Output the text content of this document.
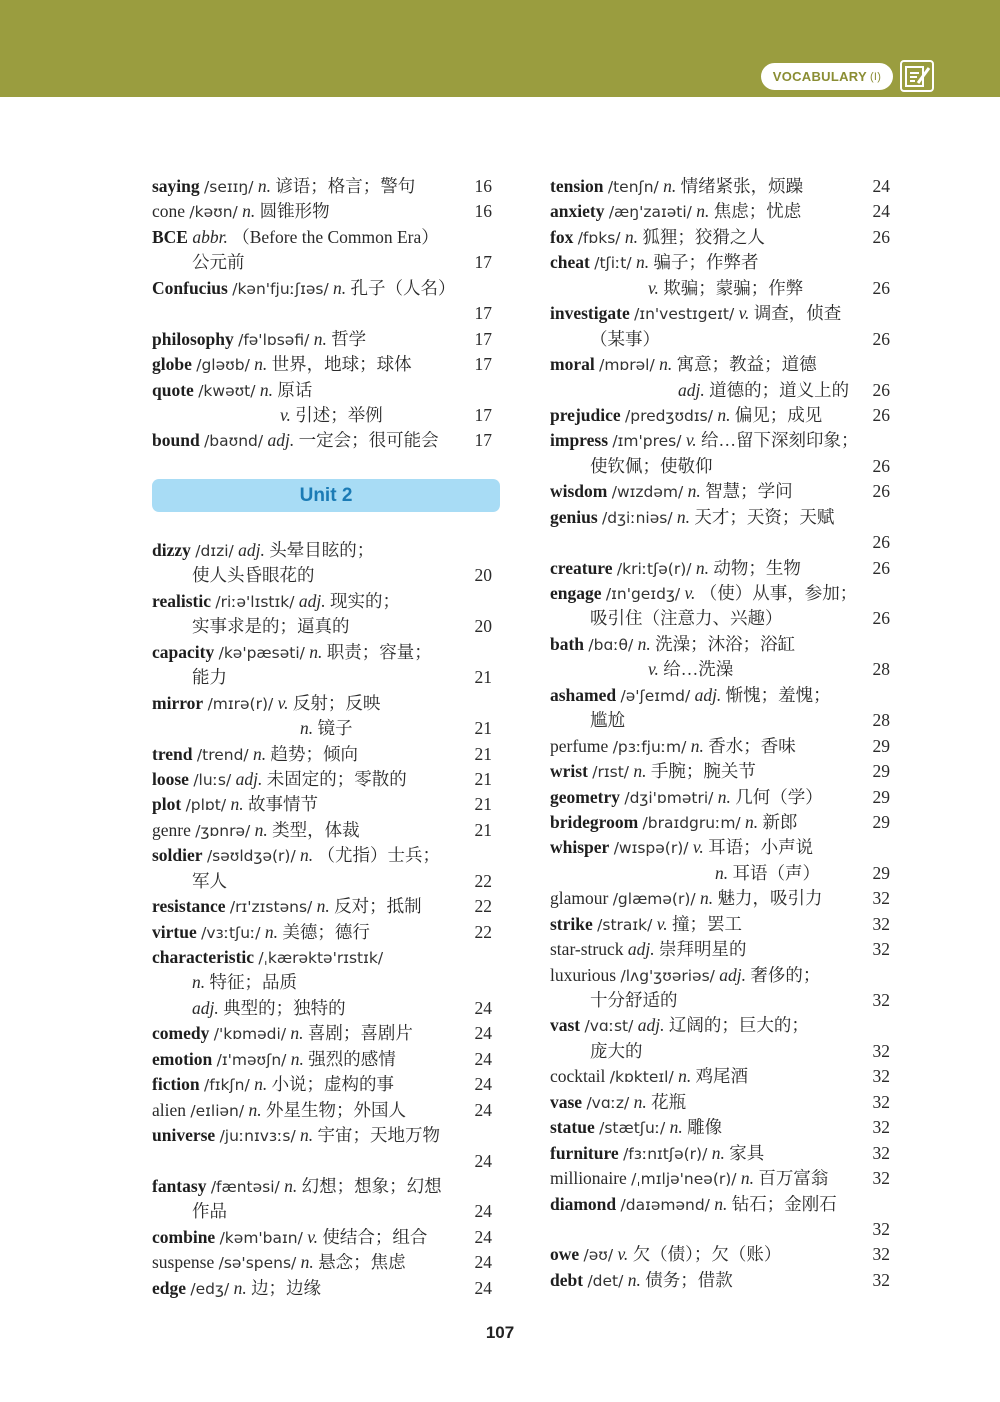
VOCABULARY (I)
saying /seɪɪŋ/ n. 谚语；格言；警句	16
cone /kəʊn/ n. 圆锥形物	16
BCE abbr. （Before the Common Era）
公元前	17
Confucius /kən'fjuːʃɪəs/ n. 孔子（人名）
17
philosophy /fə'lɒsəfi/ n. 哲学	17
globe /gləʊb/ n. 世界，地球；球体	17
quote /kwəʊt/ n. 原话
v. 引述；举例	17
bound /baʊnd/ adj. 一定会；很可能会 17
Unit 2
dizzy /dɪzi/ adj. 头晕目眩的；
使人头昏眼花的	20
realistic /riːə'lɪstɪk/ adj. 现实的；
实事求是的；逼真的	20
capacity /kə'pæsəti/ n. 职责；容量；
能力	21
mirror /mɪrə(r)/ v. 反射；反映
n. 镜子	21
trend /trend/ n. 趋势；倾向	21
loose /luːs/ adj. 未固定的；零散的	21
plot /plɒt/ n. 故事情节	21
genre /ʒɒnrə/ n. 类型，体裁	21
soldier /səʊldʒə(r)/ n. （尤指）士兵；
军人	22
resistance /rɪ'zɪstəns/ n. 反对；抵制	22
virtue /vɜːtʃuː/ n. 美德；德行	22
characteristic /ˌkærəktə'rɪstɪk/
n. 特征；品质
adj. 典型的；独特的	24
comedy /'kɒmədi/ n. 喜剧；喜剧片	24
emotion /ɪ'məʊʃn/ n. 强烈的感情	24
fiction /fɪkʃn/ n. 小说；虚构的事	24
alien /eɪliən/ n. 外星生物；外国人	24
universe /juːnɪvɜːs/ n. 宇宙；天地万物
24
fantasy /fæntəsi/ n. 幻想；想象；幻想
作品	24
combine /kəm'baɪn/ v. 使结合；组合	24
suspense /sə'spens/ n. 悬念；焦虑	24
edge /edʒ/ n. 边；边缘	24
tension /tenʃn/ n. 情绪紧张，烦躁	24
anxiety /æŋ'zaɪəti/ n. 焦虑；忧虑	24
fox /fɒks/ n. 狐狸；狡猾之人	26
cheat /tʃiːt/ n. 骗子；作弊者
v. 欺骗；蒙骗；作弊	26
investigate /ɪn'vestɪgeɪt/ v. 调查，侦查
（某事）	26
moral /mɒrəl/ n. 寓意；教益；道德
adj. 道德的；道义上的 26
prejudice /predʒʊdɪs/ n. 偏见；成见	26
impress /ɪm'pres/ v. 给…留下深刻印象；
使钦佩；使敬仰	26
wisdom /wɪzdəm/ n. 智慧；学问	26
genius /dʒiːniəs/ n. 天才；天资；天赋
26
creature /kriːtʃə(r)/ n. 动物；生物	26
engage /ɪn'geɪdʒ/ v. （使）从事，参加；
吸引住（注意力、兴趣）	26
bath /bɑːθ/ n. 洗澡；沐浴；浴缸
v. 给…洗澡	28
ashamed /ə'ʃeɪmd/ adj. 惭愧；羞愧；
尴尬	28
perfume /pɜːfjuːm/ n. 香水；香味	29
wrist /rɪst/ n. 手腕；腕关节	29
geometry /dʒi'ɒmətri/ n. 几何（学）	29
bridegroom /braɪdgruːm/ n. 新郎	29
whisper /wɪspə(r)/ v. 耳语；小声说
n. 耳语（声）	29
glamour /glæmə(r)/ n. 魅力，吸引力	32
strike /straɪk/ v. 撞；罢工	32
star-struck adj. 崇拜明星的	32
luxurious /lʌg'ʒʊəriəs/ adj. 奢侈的；
十分舒适的	32
vast /vɑːst/ adj. 辽阔的；巨大的；
庞大的	32
cocktail /kɒkteɪl/ n. 鸡尾酒	32
vase /vɑːz/ n. 花瓶	32
statue /stætʃuː/ n. 雕像	32
furniture /fɜːnɪtʃə(r)/ n. 家具	32
millionaire /ˌmɪljə'neə(r)/ n. 百万富翁	32
diamond /daɪəmənd/ n. 钻石；金刚石
32
owe /əʊ/ v. 欠（债）；欠（账）	32
debt /det/ n. 债务；借款	32
107
